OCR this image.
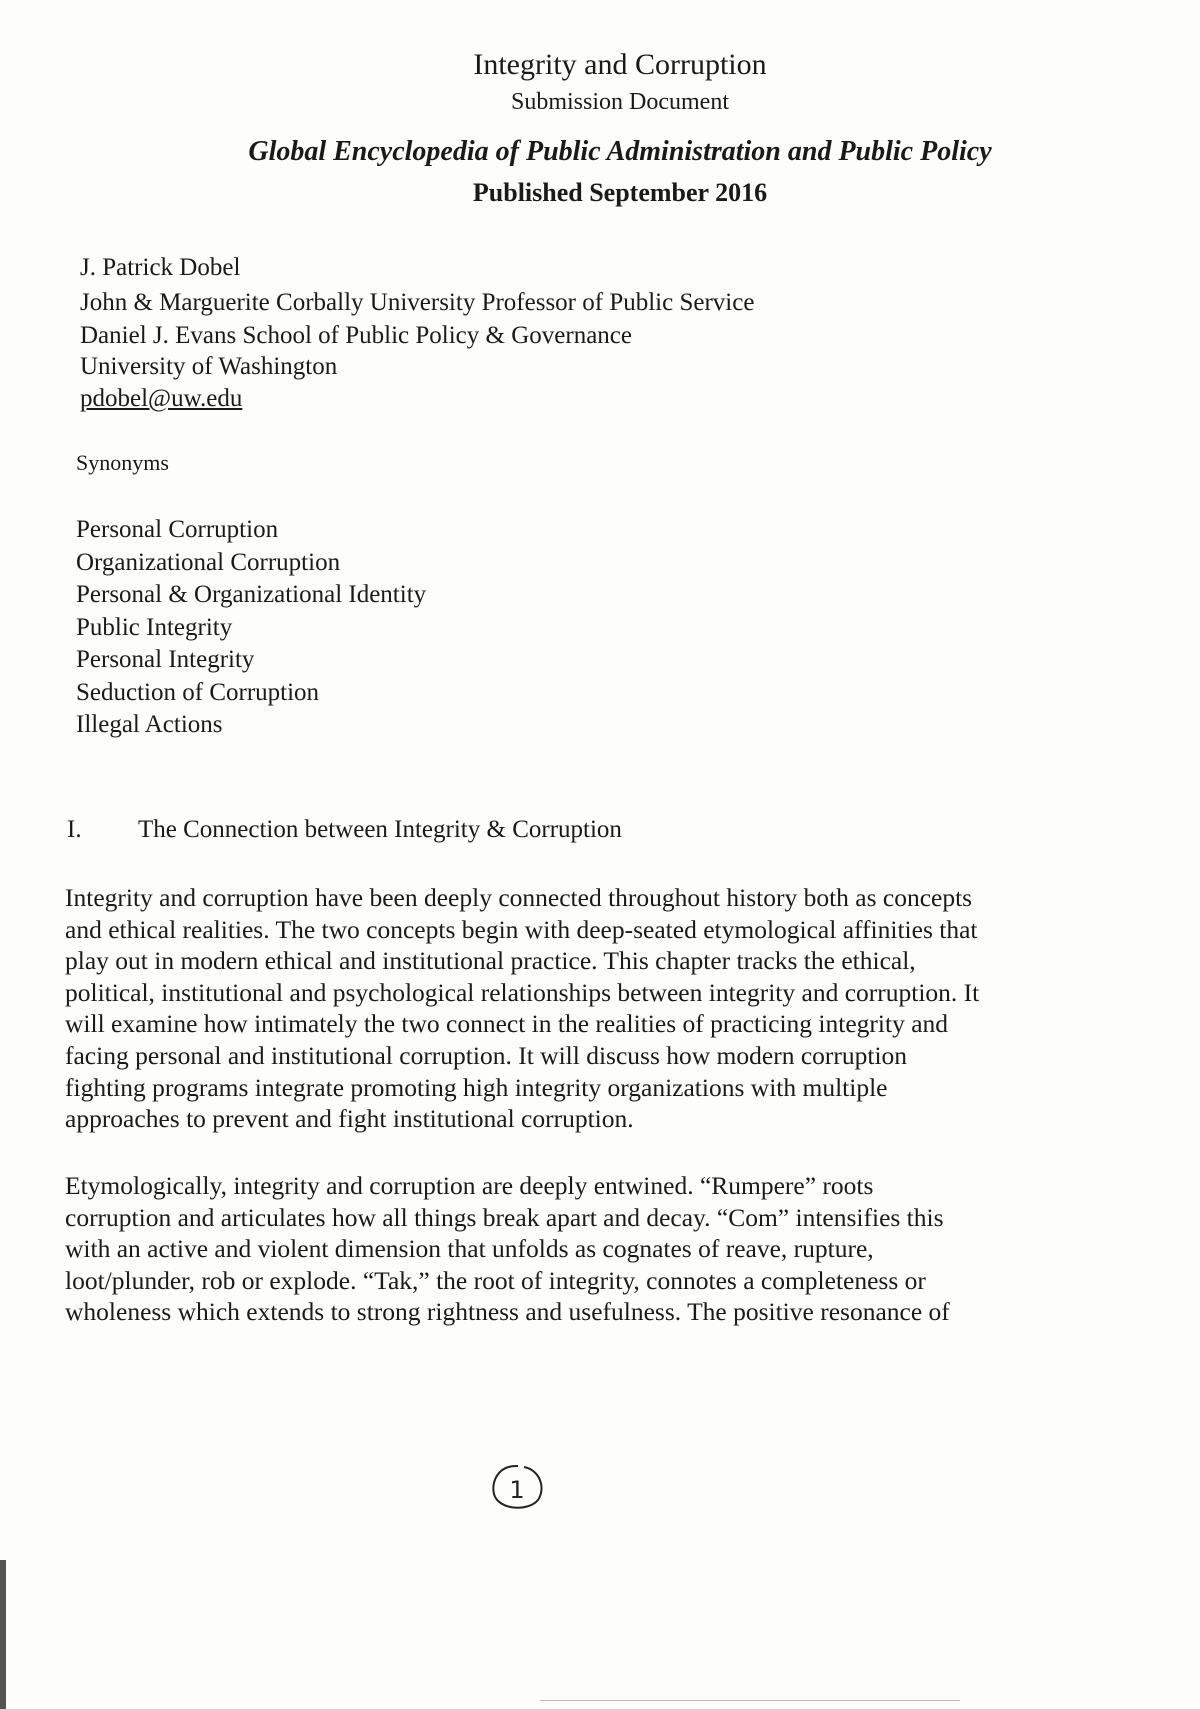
Integrity and Corruption
Submission Document
Global Encyclopedia of Public Administration and Public Policy
Published September 2016
J. Patrick Dobel
John & Marguerite Corbally University Professor of Public Service
Daniel J. Evans School of Public Policy & Governance
University of Washington
pdobel@uw.edu
Synonyms
Personal Corruption
Organizational Corruption
Personal & Organizational Identity
Public Integrity
Personal Integrity
Seduction of Corruption
Illegal Actions
I. The Connection between Integrity & Corruption
Integrity and corruption have been deeply connected throughout history both as concepts
and ethical realities. The two concepts begin with deep-seated etymological affinities that
play out in modern ethical and institutional practice. This chapter tracks the ethical,
political, institutional and psychological relationships between integrity and corruption. It
will examine how intimately the two connect in the realities of practicing integrity and
facing personal and institutional corruption. It will discuss how modern corruption
fighting programs integrate promoting high integrity organizations with multiple
approaches to prevent and fight institutional corruption.
Etymologically, integrity and corruption are deeply entwined. “Rumpere” roots
corruption and articulates how all things break apart and decay. “Com” intensifies this
with an active and violent dimension that unfolds as cognates of reave, rupture,
loot/plunder, rob or explode. “Tak,” the root of integrity, connotes a completeness or
wholeness which extends to strong rightness and usefulness. The positive resonance of
1
